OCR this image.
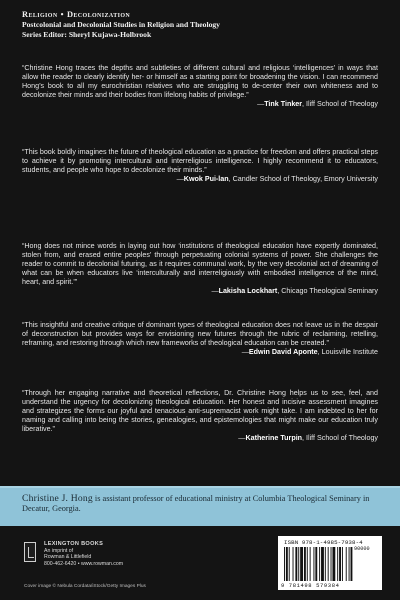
Religion • Decolonization
Postcolonial and Decolonial Studies in Religion and Theology
Series Editor: Sheryl Kujawa-Holbrook
“Christine Hong traces the depths and subtleties of different cultural and religious ‘intelligences’ in ways that allow the reader to clearly identify her- or himself as a starting point for broadening the vision. I can recommend Hong’s book to all my eurochristian relatives who are struggling to de-center their own whiteness and to decolonize their minds and their bodies from lifelong habits of privilege.”
—Tink Tinker, Iliff School of Theology
“This book boldly imagines the future of theological education as a practice for freedom and offers practical steps to achieve it by promoting intercultural and interreligious intelligence. I highly recommend it to educators, students, and people who hope to decolonize their minds.”
—Kwok Pui-lan, Candler School of Theology, Emory University
“Hong does not mince words in laying out how ‘institutions of theological education have expertly dominated, stolen from, and erased entire peoples’ through perpetuating colonial systems of power. She challenges the reader to commit to decolonial futuring, as it requires communal work, by the very decolonial act of dreaming of what can be when educators live ‘interculturally and interreligiously with embodied intelligence of the mind, heart, and spirit.’”
—Lakisha Lockhart, Chicago Theological Seminary
“This insightful and creative critique of dominant types of theological education does not leave us in the despair of deconstruction but provides ways for envisioning new futures through the rubric of reclaiming, retelling, reframing, and restoring through which new frameworks of theological education can be created.”
—Edwin David Aponte, Louisville Institute
“Through her engaging narrative and theoretical reflections, Dr. Christine Hong helps us to see, feel, and understand the urgency for decolonizing theological education. Her honest and incisive assessment imagines and strategizes the forms our joyful and tenacious anti-supremacist work might take. I am indebted to her for naming and calling into being the stories, genealogies, and epistemologies that might make our education truly liberative.”
—Katherine Turpin, Iliff School of Theology
Christine J. Hong is assistant professor of educational ministry at Columbia Theological Seminary in Decatur, Georgia.
LEXINGTON BOOKS
An imprint of
Rowman & Littlefield
800-462-6420 • www.rowman.com
Cover image © Nebula Cordata/iStock/Getty Images Plus
ISBN 978-1-4985-7938-4
90000
9 781498 579384
